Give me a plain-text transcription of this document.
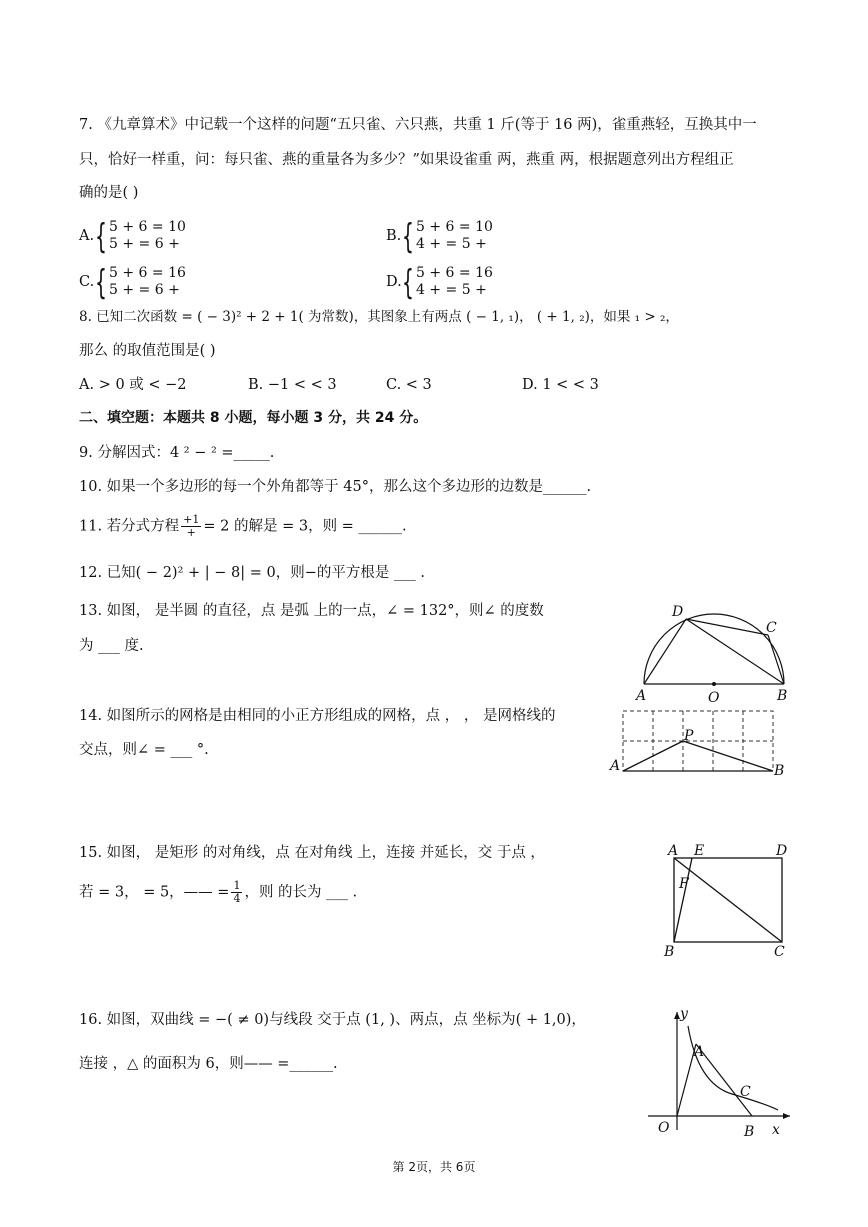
7. 《九章算术》中记载一个这样的问题“五只雀、六只燕，共重 1 斤(等于 16 两)，雀重燕轻，互换其中一
只，恰好一样重，问：每只雀、燕的重量各为多少？”如果设雀重 两，燕重 两，根据题意列出方程组正
确的是( )
A. { 5 + 6 = 10
5 + = 6 +	B. { 5 + 6 = 10
4 + = 5 +
C. { 5 + 6 = 16
5 + = 6 +	D. { 5 + 6 = 16
4 + = 5 +
8. 已知二次函数 = ( − 3)² + 2 + 1( 为常数)，其图象上有两点 ( − 1, ₁)， ( + 1, ₂)，如果 ₁ > ₂，
那么 的取值范围是( )
A. > 0 或 < −2	B. −1 < < 3	C. < 3	D. 1 < < 3
二、填空题：本题共 8 小题，每小题 3 分，共 24 分。
9. 分解因式：4 ² − ² =_____.
10. 如果一个多边形的每一个外角都等于 45°，那么这个多边形的边数是______.
11. 若分式方程 $\frac{+1}{+} = 2$ 的解是 = 3，则 = ______.
12. 已知( − 2)² + | − 8| = 0，则−的平方根是 ___ .
13. 如图， 是半圆 的直径，点 是弧 上的一点，∠ = 132°，则∠ 的度数
为 ___ 度.
A	O	B
D
C
14. 如图所示的网格是由相同的小正方形组成的网格，点 ， ， 是网格线的
交点，则∠ = ___ °.
A
P
B
15. 如图， 是矩形 的对角线，点 在对角线 上，连接 并延长，交 于点 ，
若 = 3， = 5，—— = $\frac{1}{4}$ ，则 的长为 ___ .
A E	D
F
B	C
16. 如图，双曲线 = −( ≠ 0)与线段 交于点 (1, )、两点，点 坐标为( + 1,0)，
连接 ，△ 的面积为 6，则—— =______.
y
x
O
A
C
B
第 2页，共 6页
